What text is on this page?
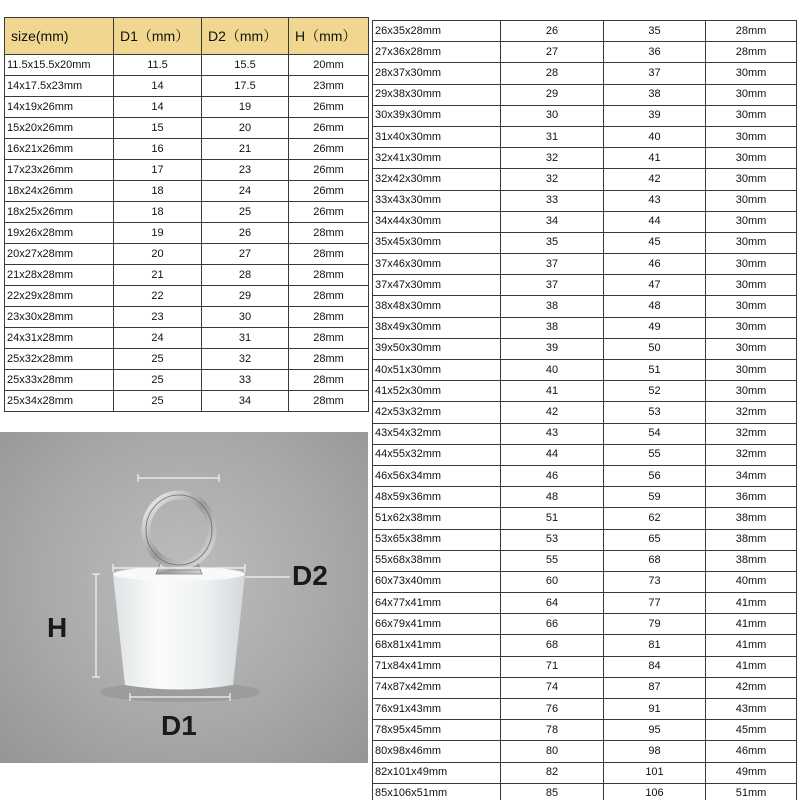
size(mm)	D1（mm）	D2（mm）	H（mm）
11.5x15.5x20mm	11.5	15.5	20mm
14x17.5x23mm	14	17.5	23mm
14x19x26mm	14	19	26mm
15x20x26mm	15	20	26mm
16x21x26mm	16	21	26mm
17x23x26mm	17	23	26mm
18x24x26mm	18	24	26mm
18x25x26mm	18	25	26mm
19x26x28mm	19	26	28mm
20x27x28mm	20	27	28mm
21x28x28mm	21	28	28mm
22x29x28mm	22	29	28mm
23x30x28mm	23	30	28mm
24x31x28mm	24	31	28mm
25x32x28mm	25	32	28mm
25x33x28mm	25	33	28mm
25x34x28mm	25	34	28mm
26x35x28mm	26	35	28mm
27x36x28mm	27	36	28mm
28x37x30mm	28	37	30mm
29x38x30mm	29	38	30mm
30x39x30mm	30	39	30mm
31x40x30mm	31	40	30mm
32x41x30mm	32	41	30mm
32x42x30mm	32	42	30mm
33x43x30mm	33	43	30mm
34x44x30mm	34	44	30mm
35x45x30mm	35	45	30mm
37x46x30mm	37	46	30mm
37x47x30mm	37	47	30mm
38x48x30mm	38	48	30mm
38x49x30mm	38	49	30mm
39x50x30mm	39	50	30mm
40x51x30mm	40	51	30mm
41x52x30mm	41	52	30mm
42x53x32mm	42	53	32mm
43x54x32mm	43	54	32mm
44x55x32mm	44	55	32mm
46x56x34mm	46	56	34mm
48x59x36mm	48	59	36mm
51x62x38mm	51	62	38mm
53x65x38mm	53	65	38mm
55x68x38mm	55	68	38mm
60x73x40mm	60	73	40mm
64x77x41mm	64	77	41mm
66x79x41mm	66	79	41mm
68x81x41mm	68	81	41mm
71x84x41mm	71	84	41mm
74x87x42mm	74	87	42mm
76x91x43mm	76	91	43mm
78x95x45mm	78	95	45mm
80x98x46mm	80	98	46mm
82x101x49mm	82	101	49mm
85x106x51mm	85	106	51mm
D2
H
D1
